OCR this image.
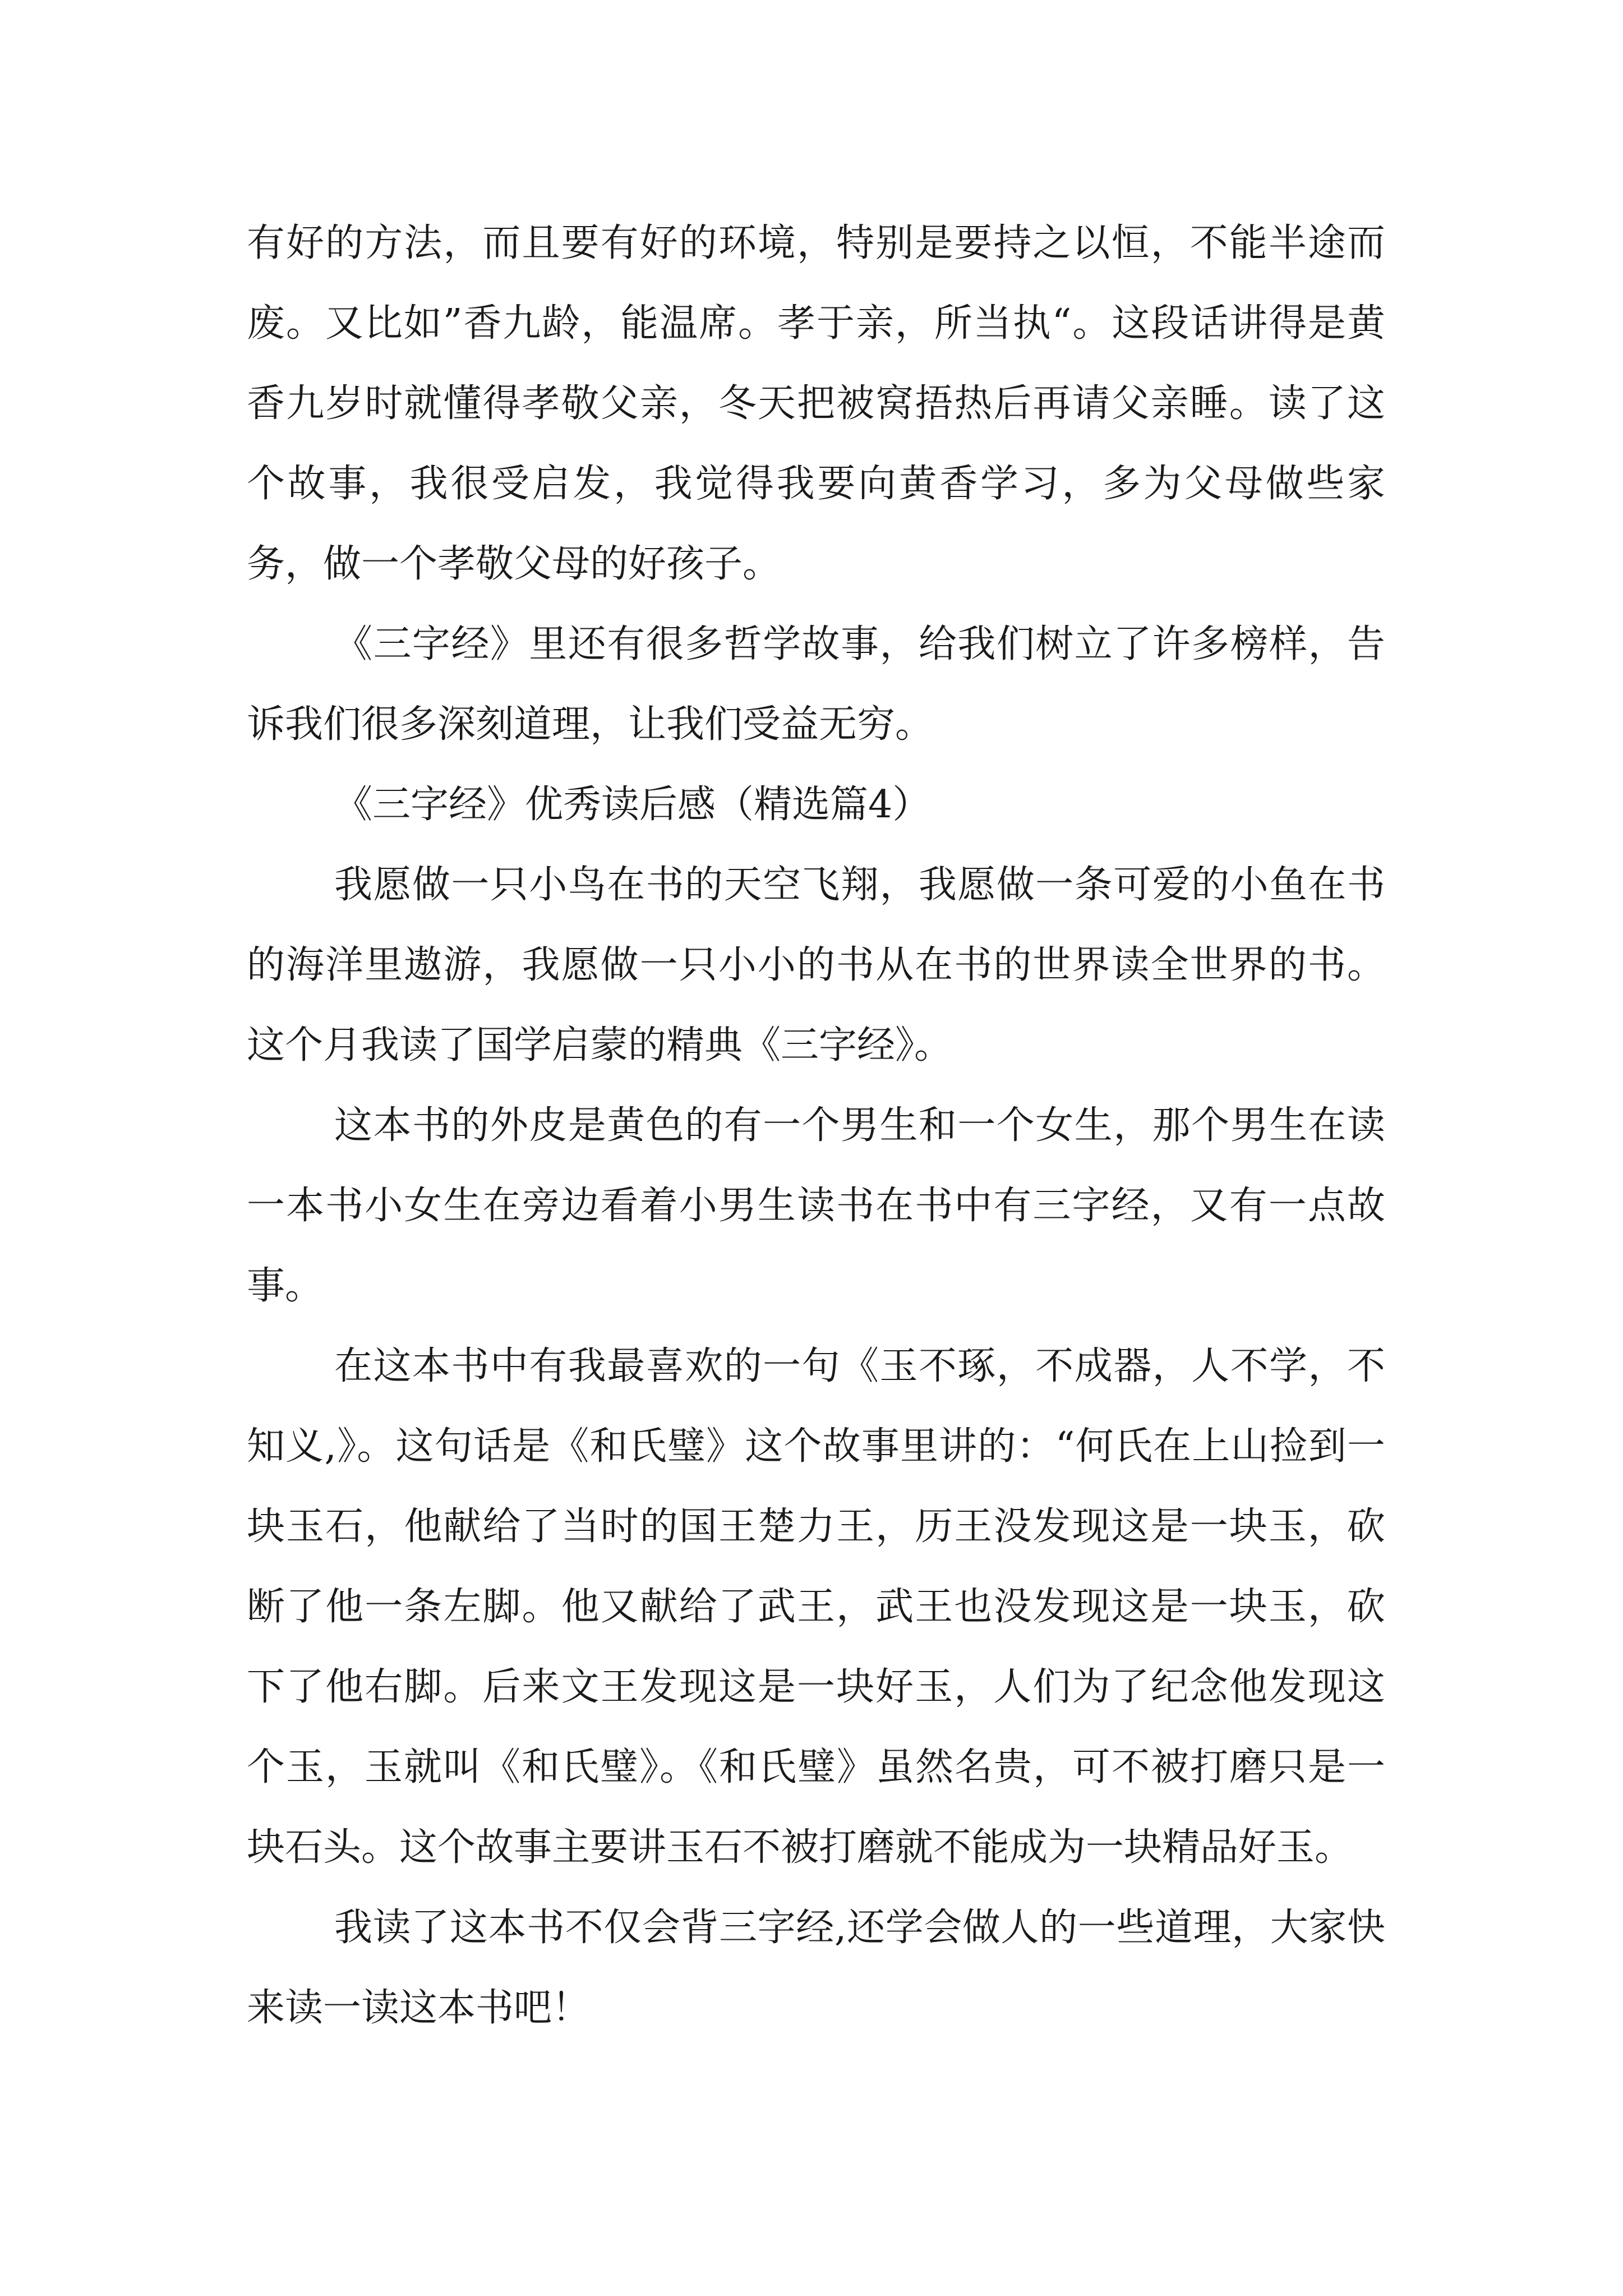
有好的方法，而且要有好的环境，特别是要持之以恒，不能半途而废。又比如”香九龄，能温席。孝于亲，所当执“。这段话讲得是黄香九岁时就懂得孝敬父亲，冬天把被窝捂热后再请父亲睡。读了这个故事，我很受启发，我觉得我要向黄香学习，多为父母做些家务，做一个孝敬父母的好孩子。

《三字经》里还有很多哲学故事，给我们树立了许多榜样，告诉我们很多深刻道理，让我们受益无穷。

《三字经》优秀读后感（精选篇4）

我愿做一只小鸟在书的天空飞翔，我愿做一条可爱的小鱼在书的海洋里遨游，我愿做一只小小的书从在书的世界读全世界的书。这个月我读了国学启蒙的精典《三字经》。

这本书的外皮是黄色的有一个男生和一个女生，那个男生在读一本书小女生在旁边看着小男生读书在书中有三字经，又有一点故事。

在这本书中有我最喜欢的一句《玉不琢，不成器，人不学，不知义,》。这句话是《和氏璧》这个故事里讲的：“何氏在上山捡到一块玉石，他献给了当时的国王楚力王，历王没发现这是一块玉，砍断了他一条左脚。他又献给了武王，武王也没发现这是一块玉，砍下了他右脚。后来文王发现这是一块好玉，人们为了纪念他发现这个玉，玉就叫《和氏璧》。《和氏璧》虽然名贵，可不被打磨只是一块石头。这个故事主要讲玉石不被打磨就不能成为一块精品好玉。

我读了这本书不仅会背三字经,还学会做人的一些道理，大家快来读一读这本书吧！
